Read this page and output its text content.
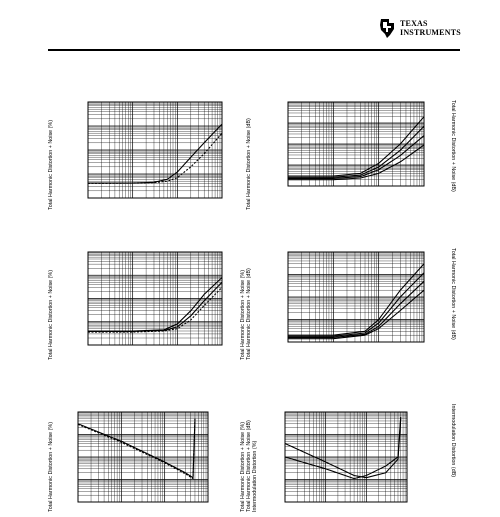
TEXAS
INSTRUMENTS
Total Harmonic Distortion + Noise (%)	Total Harmonic Distortion + Noise (dB)	Total Harmonic Distortion + Noise (dB)
Total Harmonic Distortion + Noise (%)	Total Harmonic Distortion + Noise (%) Total Harmonic Distortion + Noise (dB)	Total Harmonic Distortion + Noise (dB)
Total Harmonic Distortion + Noise (%)	Total Harmonic Distortion + Noise (%) Total Harmonic Distortion + Noise (dB) Intermodulation Distortion (%)	Intermodulation Distortion (dB)
